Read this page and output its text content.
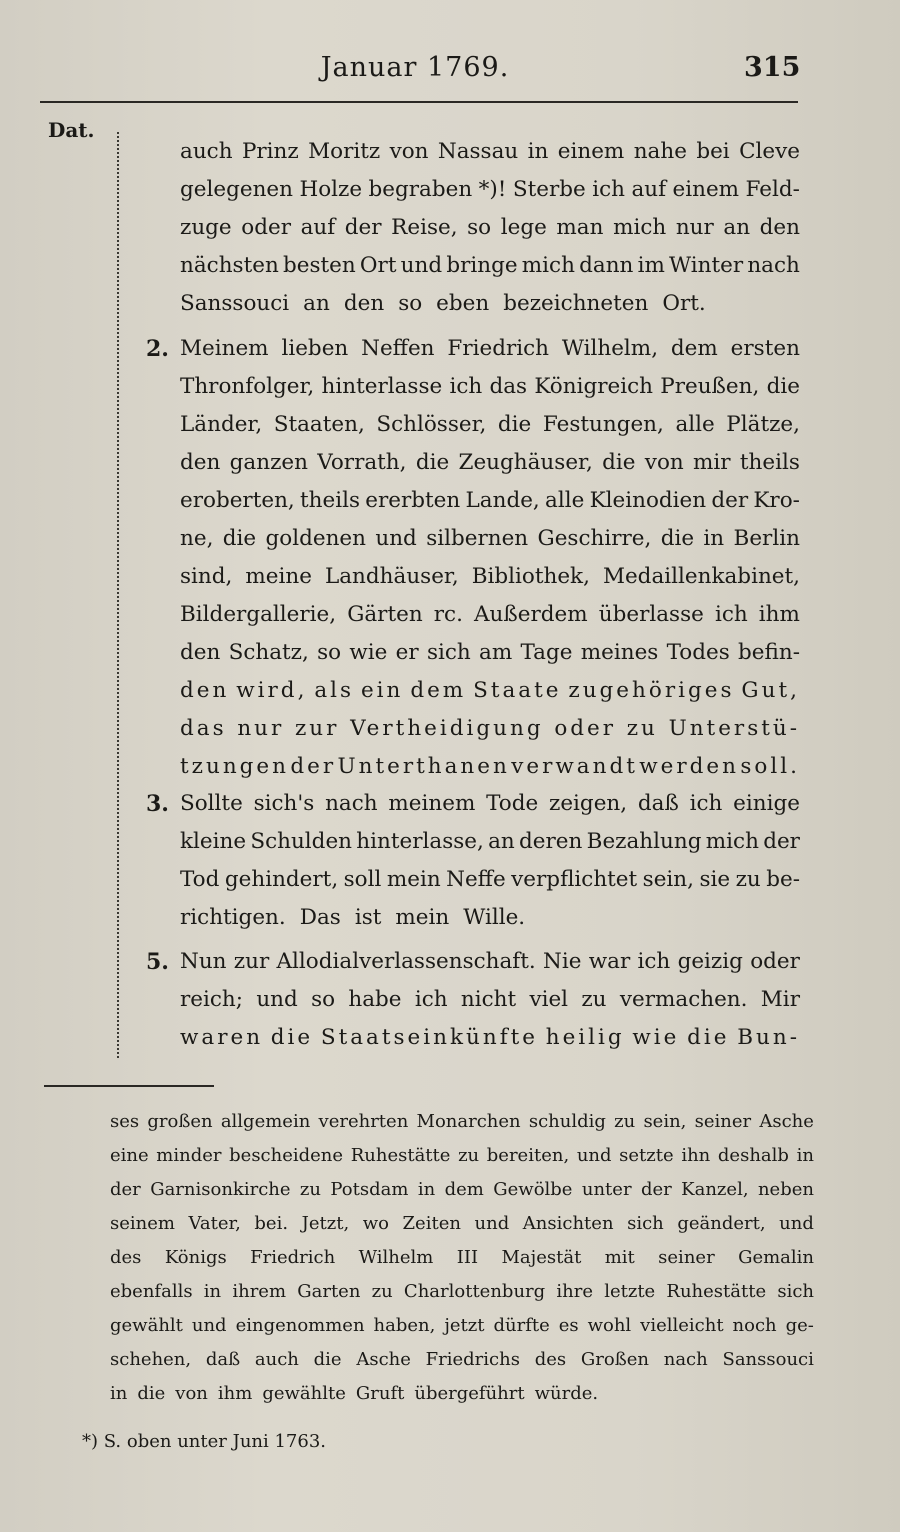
Januar 1769.	315
Dat.
2.
3.
5.
auch Prinz Moritz von Nassau in einem nahe bei Cleve
gelegenen Holze begraben *)! Sterbe ich auf einem Feld-
zuge oder auf der Reise, so lege man mich nur an den
nächsten besten Ort und bringe mich dann im Winter nach
Sanssouci an den so eben bezeichneten Ort.
Meinem lieben Neffen Friedrich Wilhelm, dem ersten
Thronfolger, hinterlasse ich das Königreich Preußen, die
Länder, Staaten, Schlösser, die Festungen, alle Plätze,
den ganzen Vorrath, die Zeughäuser, die von mir theils
eroberten, theils ererbten Lande, alle Kleinodien der Kro-
ne, die goldenen und silbernen Geschirre, die in Berlin
sind, meine Landhäuser, Bibliothek, Medaillenkabinet,
Bildergallerie, Gärten rc. Außerdem überlasse ich ihm
den Schatz, so wie er sich am Tage meines Todes befin-
den wird, als ein dem Staate zugehöriges Gut,
das nur zur Vertheidigung oder zu Unterstü-
tzungen der Unterthanen verwandt werden soll.
Sollte sich's nach meinem Tode zeigen, daß ich einige
kleine Schulden hinterlasse, an deren Bezahlung mich der
Tod gehindert, soll mein Neffe verpflichtet sein, sie zu be-
richtigen. Das ist mein Wille.
Nun zur Allodialverlassenschaft. Nie war ich geizig oder
reich; und so habe ich nicht viel zu vermachen. Mir
waren die Staatseinkünfte heilig wie die Bun-
ses großen allgemein verehrten Monarchen schuldig zu sein, seiner Asche
eine minder bescheidene Ruhestätte zu bereiten, und setzte ihn deshalb in
der Garnisonkirche zu Potsdam in dem Gewölbe unter der Kanzel, neben
seinem Vater, bei. Jetzt, wo Zeiten und Ansichten sich geändert, und
des Königs Friedrich Wilhelm III Majestät mit seiner Gemalin
ebenfalls in ihrem Garten zu Charlottenburg ihre letzte Ruhestätte sich
gewählt und eingenommen haben, jetzt dürfte es wohl vielleicht noch ge-
schehen, daß auch die Asche Friedrichs des Großen nach Sanssouci
in die von ihm gewählte Gruft übergeführt würde.
*) S. oben unter Juni 1763.
